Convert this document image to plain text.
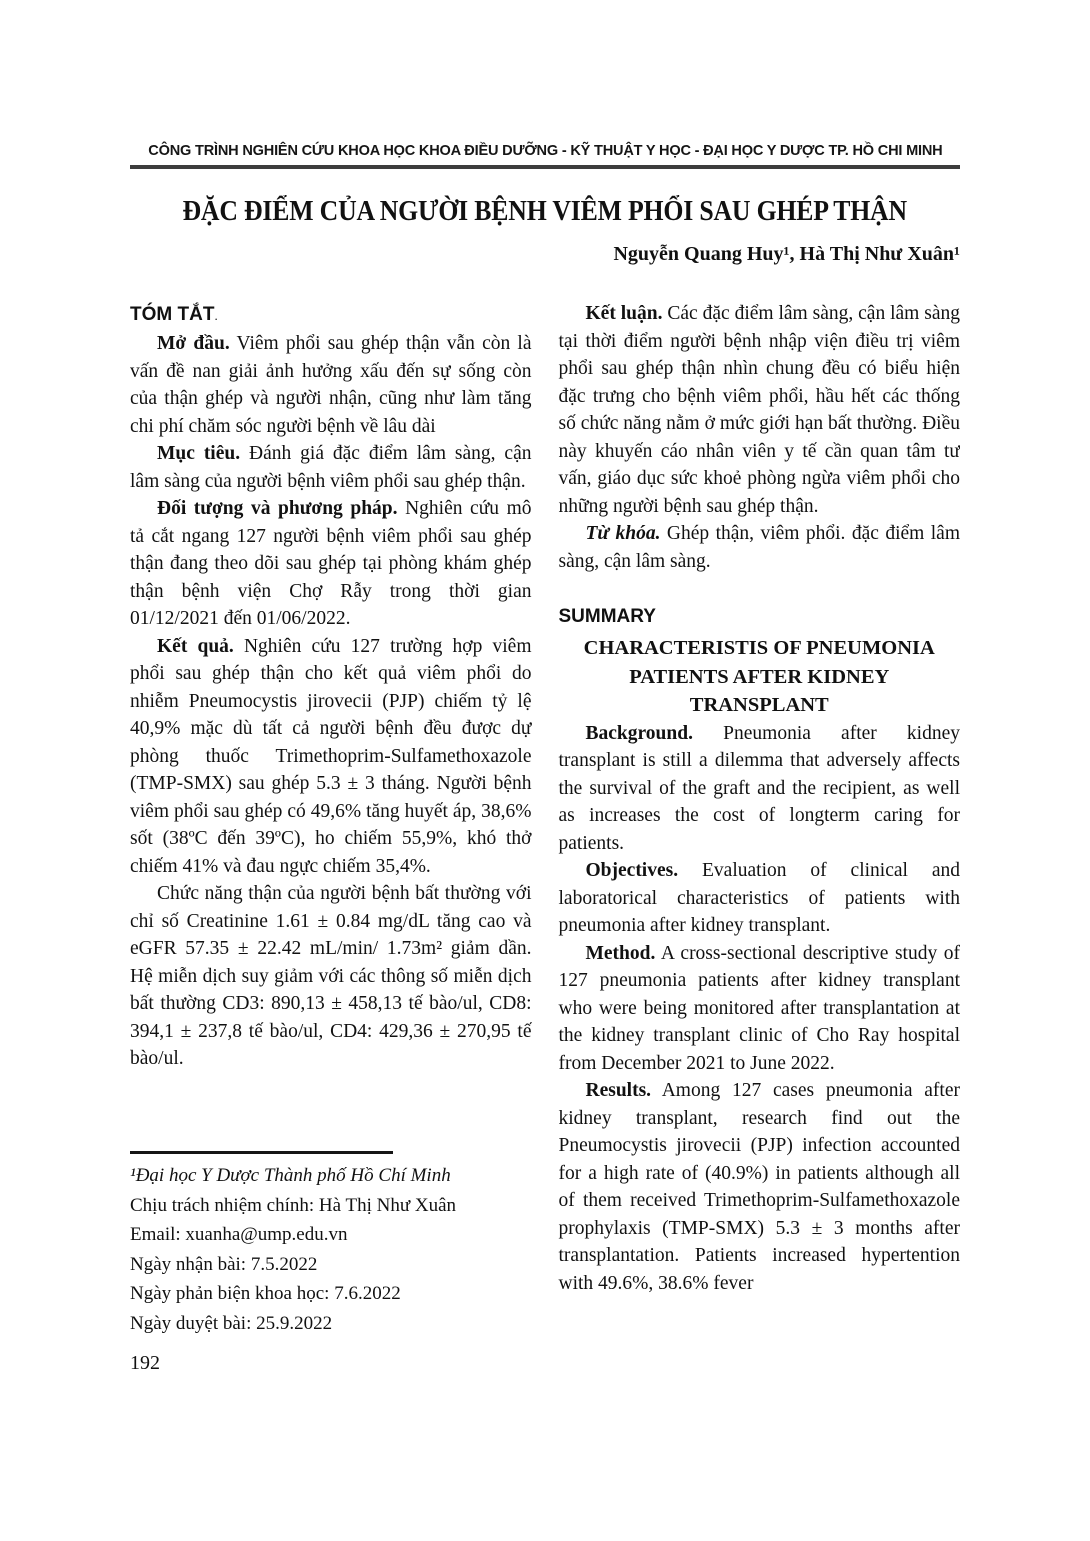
CÔNG TRÌNH NGHIÊN CỨU KHOA HỌC KHOA ĐIỀU DƯỠNG - KỸ THUẬT Y HỌC - ĐẠI HỌC Y DƯỢC TP. HỒ CHI MINH
ĐẶC ĐIỂM CỦA NGƯỜI BỆNH VIÊM PHỔI SAU GHÉP THẬN
Nguyễn Quang Huy¹, Hà Thị Như Xuân¹
TÓM TẮT.

Mở đầu. Viêm phổi sau ghép thận vẫn còn là vấn đề nan giải ảnh hưởng xấu đến sự sống còn của thận ghép và người nhận, cũng như làm tăng chi phí chăm sóc người bệnh về lâu dài

Mục tiêu. Đánh giá đặc điểm lâm sàng, cận lâm sàng của người bệnh viêm phổi sau ghép thận.

Đối tượng và phương pháp. Nghiên cứu mô tả cắt ngang 127 người bệnh viêm phổi sau ghép thận đang theo dõi sau ghép tại phòng khám ghép thận bệnh viện Chợ Rẫy trong thời gian 01/12/2021 đến 01/06/2022.

Kết quả. Nghiên cứu 127 trường hợp viêm phổi sau ghép thận cho kết quả viêm phổi do nhiễm Pneumocystis jirovecii (PJP) chiếm tỷ lệ 40,9% mặc dù tất cả người bệnh đều được dự phòng thuốc Trimethoprim-Sulfamethoxazole (TMP-SMX) sau ghép 5.3 ± 3 tháng. Người bệnh viêm phổi sau ghép có 49,6% tăng huyết áp, 38,6% sốt (38ºC đến 39ºC), ho chiếm 55,9%, khó thở chiếm 41% và đau ngực chiếm 35,4%.

Chức năng thận của người bệnh bất thường với chỉ số Creatinine 1.61 ± 0.84 mg/dL tăng cao và eGFR 57.35 ± 22.42 mL/min/ 1.73m² giảm dần. Hệ miễn dịch suy giảm với các thông số miễn dịch bất thường CD3: 890,13 ± 458,13 tế bào/ul, CD8: 394,1 ± 237,8 tế bào/ul, CD4: 429,36 ± 270,95 tế bào/ul.

¹Đại học Y Dược Thành phố Hồ Chí Minh
Chịu trách nhiệm chính: Hà Thị Như Xuân
Email: xuanha@ump.edu.vn
Ngày nhận bài: 7.5.2022
Ngày phản biện khoa học: 7.6.2022
Ngày duyệt bài: 25.9.2022

Kết luận. Các đặc điểm lâm sàng, cận lâm sàng tại thời điểm người bệnh nhập viện điều trị viêm phổi sau ghép thận nhìn chung đều có biểu hiện đặc trưng cho bệnh viêm phổi, hầu hết các thống số chức năng nằm ở mức giới hạn bất thường. Điều này khuyến cáo nhân viên y tế cần quan tâm tư vấn, giáo dục sức khoẻ phòng ngừa viêm phổi cho những người bệnh sau ghép thận.

Từ khóa. Ghép thận, viêm phổi. đặc điểm lâm sàng, cận lâm sàng.

SUMMARY
CHARACTERISTIS OF PNEUMONIA PATIENTS AFTER KIDNEY TRANSPLANT

Background. Pneumonia after kidney transplant is still a dilemma that adversely affects the survival of the graft and the recipient, as well as increases the cost of longterm caring for patients.

Objectives. Evaluation of clinical and laboratorical characteristics of patients with pneumonia after kidney transplant.

Method. A cross-sectional descriptive study of 127 pneumonia patients after kidney transplant who were being monitored after transplantation at the kidney transplant clinic of Cho Ray hospital from December 2021 to June 2022.

Results. Among 127 cases pneumonia after kidney transplant, research find out the Pneumocystis jirovecii (PJP) infection accounted for a high rate of (40.9%) in patients although all of them received Trimethoprim-Sulfamethoxazole prophylaxis (TMP-SMX) 5.3 ± 3 months after transplantation. Patients increased hypertention with 49.6%, 38.6% fever

192
